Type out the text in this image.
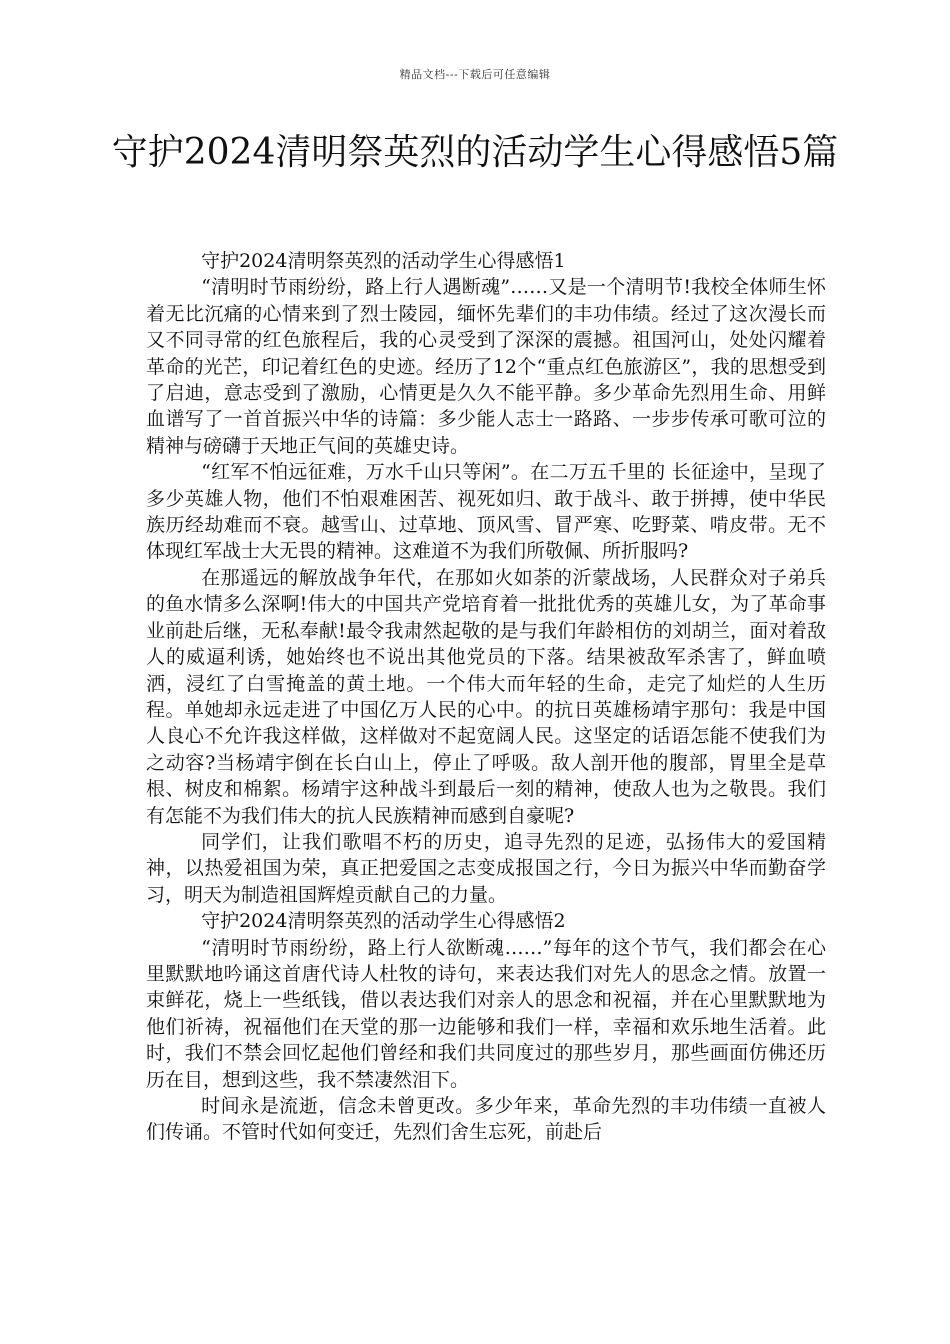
精品文档---下载后可任意编辑
守护2024清明祭英烈的活动学生心得感悟5篇

守护2024清明祭英烈的活动学生心得感悟1

“清明时节雨纷纷，路上行人遇断魂”……又是一个清明节!我校全体师生怀着无比沉痛的心情来到了烈士陵园，缅怀先辈们的丰功伟绩。经过了这次漫长而又不同寻常的红色旅程后，我的心灵受到了深深的震撼。祖国河山，处处闪耀着革命的光芒，印记着红色的史迹。经历了12个“重点红色旅游区”，我的思想受到了启迪，意志受到了激励，心情更是久久不能平静。多少革命先烈用生命、用鲜血谱写了一首首振兴中华的诗篇：多少能人志士一路路、一步步传承可歌可泣的精神与磅礴于天地正气间的英雄史诗。

“红军不怕远征难，万水千山只等闲”。在二万五千里的 长征途中，呈现了多少英雄人物，他们不怕艰难困苦、视死如归、敢于战斗、敢于拼搏，使中华民族历经劫难而不衰。越雪山、过草地、顶风雪、冒严寒、吃野菜、啃皮带。无不体现红军战士大无畏的精神。这难道不为我们所敬佩、所折服吗?

在那遥远的解放战争年代，在那如火如荼的沂蒙战场，人民群众对子弟兵的鱼水情多么深啊!伟大的中国共产党培育着一批批优秀的英雄儿女，为了革命事业前赴后继，无私奉献!最令我肃然起敬的是与我们年龄相仿的刘胡兰，面对着敌人的威逼利诱，她始终也不说出其他党员的下落。结果被敌军杀害了，鲜血喷洒，浸红了白雪掩盖的黄土地。一个伟大而年轻的生命，走完了灿烂的人生历程。单她却永远走进了中国亿万人民的心中。的抗日英雄杨靖宇那句：我是中国人良心不允许我这样做，这样做对不起宽阔人民。这坚定的话语怎能不使我们为之动容?当杨靖宇倒在长白山上，停止了呼吸。敌人剖开他的腹部，胃里全是草根、树皮和棉絮。杨靖宇这种战斗到最后一刻的精神，使敌人也为之敬畏。我们有怎能不为我们伟大的抗人民族精神而感到自豪呢?

同学们，让我们歌唱不朽的历史，追寻先烈的足迹，弘扬伟大的爱国精神，以热爱祖国为荣，真正把爱国之志变成报国之行，今日为振兴中华而勤奋学习，明天为制造祖国辉煌贡献自己的力量。

守护2024清明祭英烈的活动学生心得感悟2

“清明时节雨纷纷，路上行人欲断魂……”每年的这个节气，我们都会在心里默默地吟诵这首唐代诗人杜牧的诗句，来表达我们对先人的思念之情。放置一束鲜花，烧上一些纸钱，借以表达我们对亲人的思念和祝福，并在心里默默地为他们祈祷，祝福他们在天堂的那一边能够和我们一样，幸福和欢乐地生活着。此时，我们不禁会回忆起他们曾经和我们共同度过的那些岁月，那些画面仿佛还历历在目，想到这些，我不禁凄然泪下。

时间永是流逝，信念未曾更改。多少年来，革命先烈的丰功伟绩一直被人们传诵。不管时代如何变迁，先烈们舍生忘死，前赴后
